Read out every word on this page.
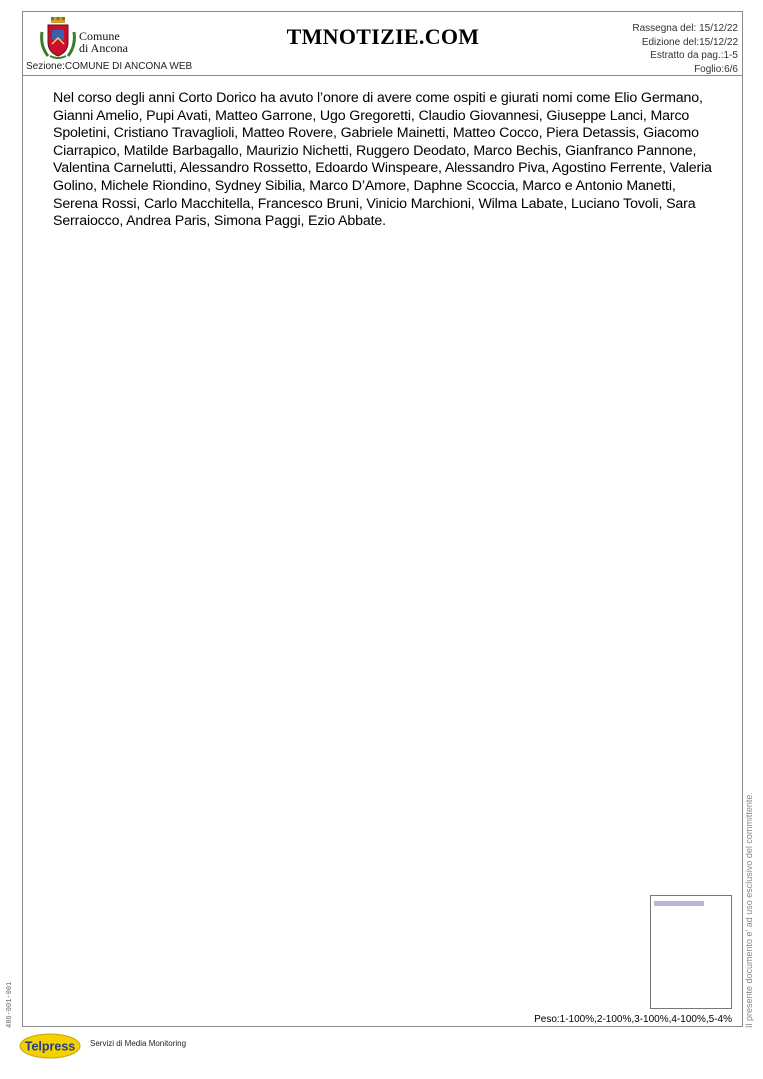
Comune
di Ancona	TMNOTIZIE.COM
Sezione:COMUNE DI ANCONA WEB
Rassegna del: 15/12/22
Edizione del:15/12/22
Estratto da pag.:1-5
Foglio:6/6
Nel corso degli anni Corto Dorico ha avuto l’onore di avere come ospiti e giurati nomi come Elio Germano, Gianni Amelio, Pupi Avati, Matteo Garrone, Ugo Gregoretti, Claudio Giovannesi, Giuseppe Lanci, Marco Spoletini, Cristiano Travaglioli, Matteo Rovere, Gabriele Mainetti, Matteo Cocco, Piera Detassis, Giacomo Ciarrapico, Matilde Barbagallo, Maurizio Nichetti, Ruggero Deodato, Marco Bechis, Gianfranco Pannone, Valentina Carnelutti, Alessandro Rossetto, Edoardo Winspeare, Alessandro Piva, Agostino Ferrente, Valeria Golino, Michele Riondino, Sydney Sibilia, Marco D’Amore, Daphne Scoccia, Marco e Antonio Manetti, Serena Rossi, Carlo Macchitella, Francesco Bruni, Vinicio Marchioni, Wilma Labate, Luciano Tovoli, Sara Serraiocco, Andrea Paris, Simona Paggi, Ezio Abbate.
Peso:1-100%,2-100%,3-100%,4-100%,5-4% Il presente documento e' ad uso esclusivo del committente.
486-001-001
Telpress Servizi di Media Monitoring
